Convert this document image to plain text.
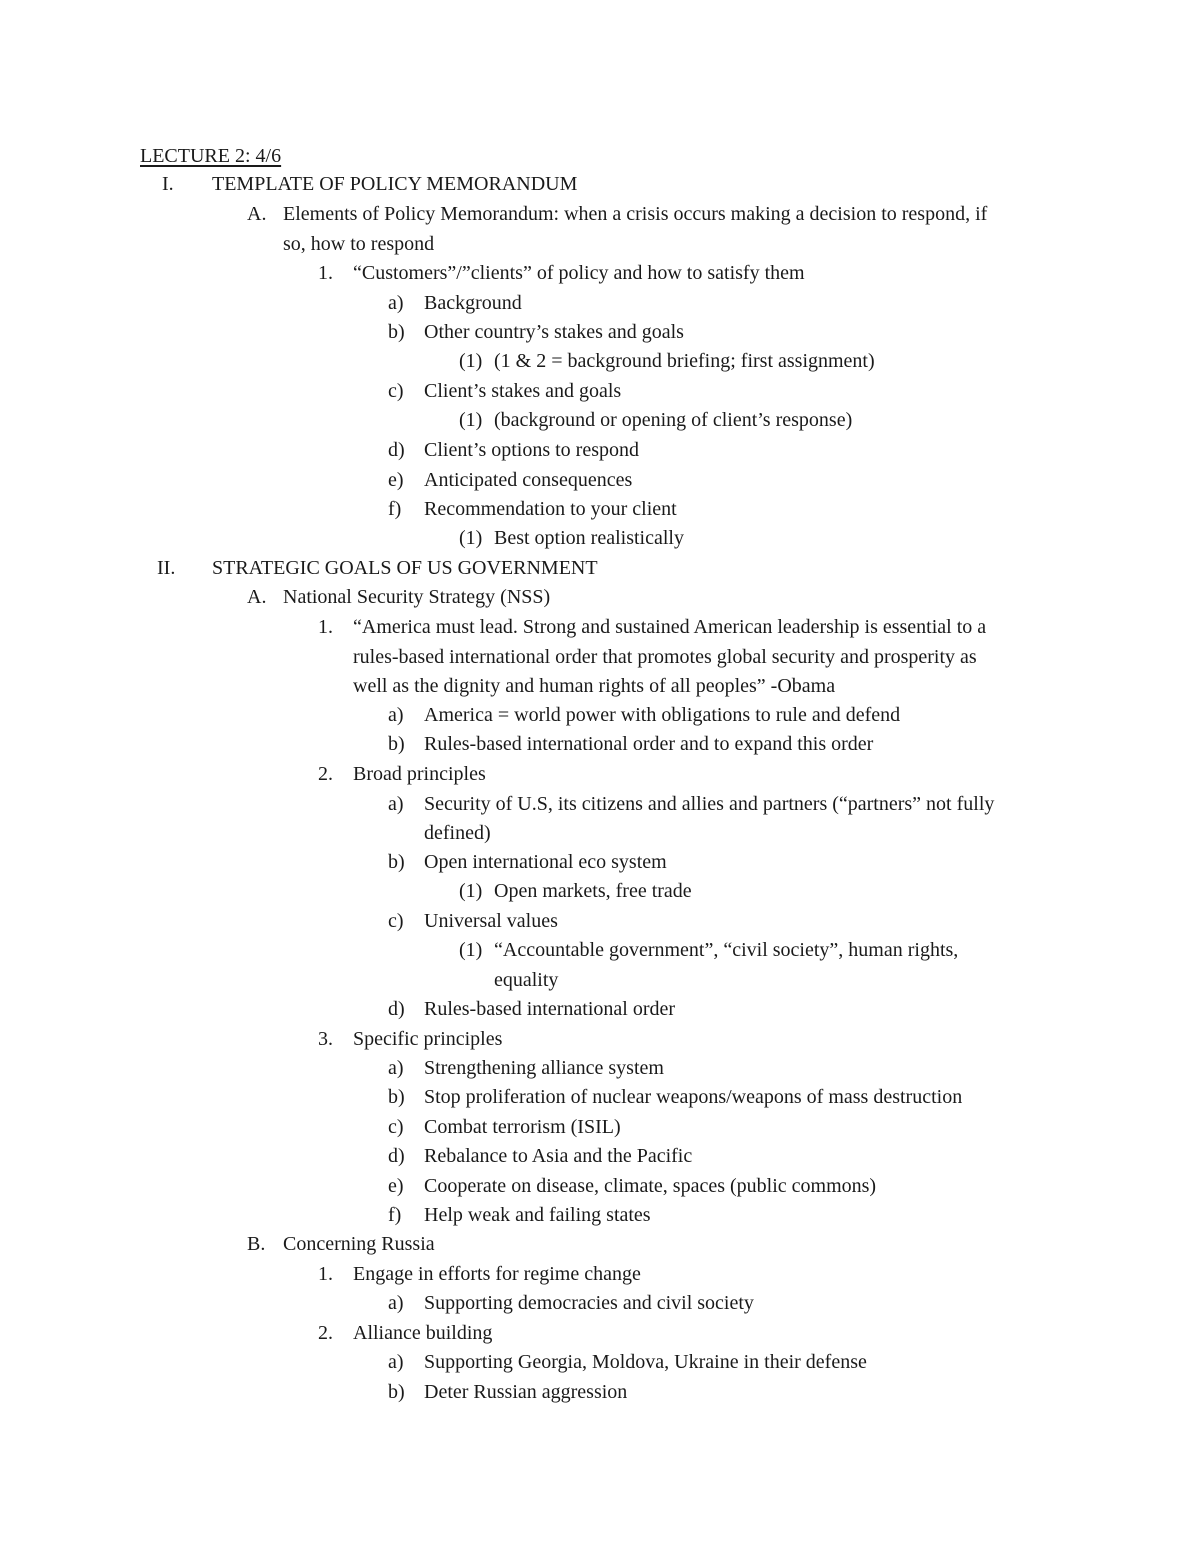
LECTURE 2: 4/6
I. TEMPLATE OF POLICY MEMORANDUM
A. Elements of Policy Memorandum: when a crisis occurs making a decision to respond, if
so, how to respond
1. “Customers”/”clients” of policy and how to satisfy them
a) Background
b) Other country’s stakes and goals
(1) (1 & 2 = background briefing; first assignment)
c) Client’s stakes and goals
(1) (background or opening of client’s response)
d) Client’s options to respond
e) Anticipated consequences
f) Recommendation to your client
(1) Best option realistically
II. STRATEGIC GOALS OF US GOVERNMENT
A. National Security Strategy (NSS)
1. “America must lead. Strong and sustained American leadership is essential to a
rules-based international order that promotes global security and prosperity as
well as the dignity and human rights of all peoples” -Obama
a) America = world power with obligations to rule and defend
b) Rules-based international order and to expand this order
2. Broad principles
a) Security of U.S, its citizens and allies and partners (“partners” not fully
defined)
b) Open international eco system
(1) Open markets, free trade
c) Universal values
(1) “Accountable government”, “civil society”, human rights,
equality
d) Rules-based international order
3. Specific principles
a) Strengthening alliance system
b) Stop proliferation of nuclear weapons/weapons of mass destruction
c) Combat terrorism (ISIL)
d) Rebalance to Asia and the Pacific
e) Cooperate on disease, climate, spaces (public commons)
f) Help weak and failing states
B. Concerning Russia
1. Engage in efforts for regime change
a) Supporting democracies and civil society
2. Alliance building
a) Supporting Georgia, Moldova, Ukraine in their defense
b) Deter Russian aggression
